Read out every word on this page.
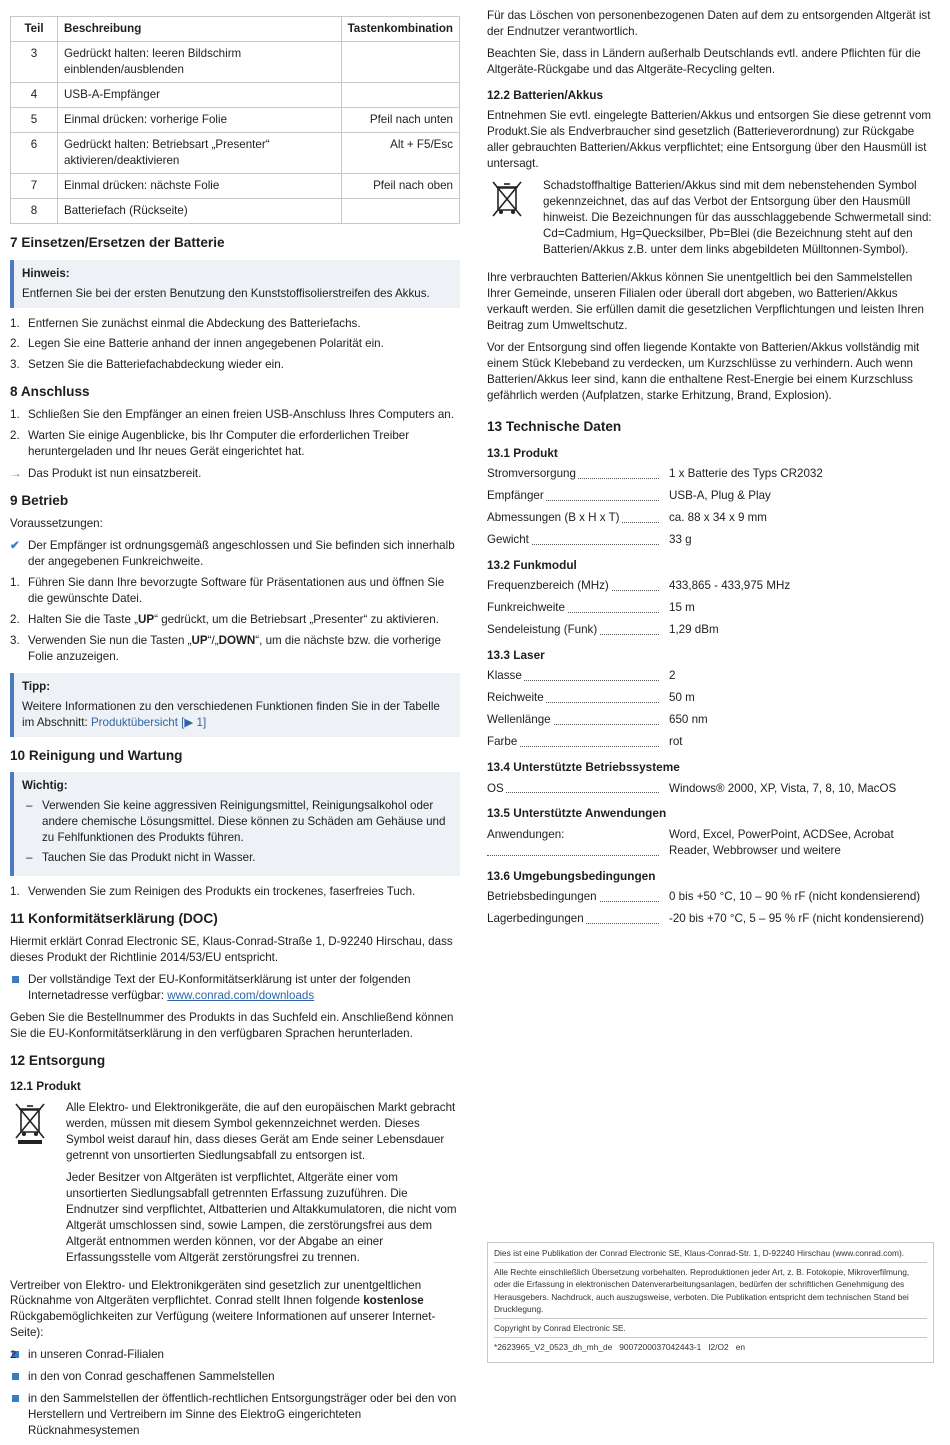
Teil	Beschreibung	Tastenkombination
3	Gedrückt halten: leeren Bildschirm einblenden/ausblenden	
4	USB-A-Empfänger	
5	Einmal drücken: vorherige Folie	Pfeil nach unten
6	Gedrückt halten: Betriebsart „Presenter“ aktivieren/deaktivieren	Alt + F5/Esc
7	Einmal drücken: nächste Folie	Pfeil nach oben
8	Batteriefach (Rückseite)	
7 Einsetzen/Ersetzen der Batterie
Hinweis:
Entfernen Sie bei der ersten Benutzung den Kunststoffisolierstreifen des Akkus.
1. Entfernen Sie zunächst einmal die Abdeckung des Batteriefachs.
2. Legen Sie eine Batterie anhand der innen angegebenen Polarität ein.
3. Setzen Sie die Batteriefachabdeckung wieder ein.
8 Anschluss
1. Schließen Sie den Empfänger an einen freien USB-Anschluss Ihres Computers an.
2. Warten Sie einige Augenblicke, bis Ihr Computer die erforderlichen Treiber heruntergeladen und Ihr neues Gerät eingerichtet hat.
→ Das Produkt ist nun einsatzbereit.
9 Betrieb

Voraussetzungen:

✔ Der Empfänger ist ordnungsgemäß angeschlossen und Sie befinden sich innerhalb der angegebenen Funkreichweite.
1. Führen Sie dann Ihre bevorzugte Software für Präsentationen aus und öffnen Sie die gewünschte Datei.
2. Halten Sie die Taste „UP“ gedrückt, um die Betriebsart „Presenter“ zu aktivieren.
3. Verwenden Sie nun die Tasten „UP“/„DOWN“, um die nächste bzw. die vorherige Folie anzuzeigen.
Tipp:
Weitere Informationen zu den verschiedenen Funktionen finden Sie in der Tabelle im Abschnitt: Produktübersicht [▶ 1]
10 Reinigung und Wartung
Wichtig:
– Verwenden Sie keine aggressiven Reinigungsmittel, Reinigungsalkohol oder andere chemische Lösungsmittel. Diese können zu Schäden am Gehäuse und zu Fehlfunktionen des Produkts führen.
– Tauchen Sie das Produkt nicht in Wasser.
1. Verwenden Sie zum Reinigen des Produkts ein trockenes, faserfreies Tuch.
11 Konformitätserklärung (DOC)

Hiermit erklärt Conrad Electronic SE, Klaus-Conrad-Straße 1, D-92240 Hirschau, dass dieses Produkt der Richtlinie 2014/53/EU entspricht.

Der vollständige Text der EU-Konformitätserklärung ist unter der folgenden Internetadresse verfügbar: www.conrad.com/downloads

Geben Sie die Bestellnummer des Produkts in das Suchfeld ein. Anschließend können Sie die EU-Konformitätserklärung in den verfügbaren Sprachen herunterladen.

12 Entsorgung
12.1 Produkt

Alle Elektro- und Elektronikgeräte, die auf den europäischen Markt gebracht werden, müssen mit diesem Symbol gekennzeichnet werden. Dieses Symbol weist darauf hin, dass dieses Gerät am Ende seiner Lebensdauer getrennt von unsortierten Siedlungsabfall zu entsorgen ist.

Jeder Besitzer von Altgeräten ist verpflichtet, Altgeräte einer vom unsortierten Siedlungsabfall getrennten Erfassung zuzuführen. Die Endnutzer sind verpflichtet, Altbatterien und Altakkumulatoren, die nicht vom Altgerät umschlossen sind, sowie Lampen, die zerstörungsfrei aus dem Altgerät entnommen werden können, vor der Abgabe an einer Erfassungsstelle vom Altgerät zerstörungsfrei zu trennen.

Vertreiber von Elektro- und Elektronikgeräten sind gesetzlich zur unentgeltlichen Rücknahme von Altgeräten verpflichtet. Conrad stellt Ihnen folgende kostenlose Rückgabemöglichkeiten zur Verfügung (weitere Informationen auf unserer Internet-Seite):

in unseren Conrad-Filialen
in den von Conrad geschaffenen Sammelstellen
in den Sammelstellen der öffentlich-rechtlichen Entsorgungsträger oder bei den von Herstellern und Vertreibern im Sinne des ElektroG eingerichteten Rücknahmesystemen

Für das Löschen von personenbezogenen Daten auf dem zu entsorgenden Altgerät ist der Endnutzer verantwortlich.

Beachten Sie, dass in Ländern außerhalb Deutschlands evtl. andere Pflichten für die Altgeräte-Rückgabe und das Altgeräte-Recycling gelten.

12.2 Batterien/Akkus

Entnehmen Sie evtl. eingelegte Batterien/Akkus und entsorgen Sie diese getrennt vom Produkt.Sie als Endverbraucher sind gesetzlich (Batterieverordnung) zur Rückgabe aller gebrauchten Batterien/Akkus verpflichtet; eine Entsorgung über den Hausmüll ist untersagt.

Schadstoffhaltige Batterien/Akkus sind mit dem nebenstehenden Symbol gekennzeichnet, das auf das Verbot der Entsorgung über den Hausmüll hinweist. Die Bezeichnungen für das ausschlaggebende Schwermetall sind: Cd=Cadmium, Hg=Quecksilber, Pb=Blei (die Bezeichnung steht auf den Batterien/Akkus z.B. unter dem links abgebildeten Mülltonnen-Symbol).

Ihre verbrauchten Batterien/Akkus können Sie unentgeltlich bei den Sammelstellen Ihrer Gemeinde, unseren Filialen oder überall dort abgeben, wo Batterien/Akkus verkauft werden. Sie erfüllen damit die gesetzlichen Verpflichtungen und leisten Ihren Beitrag zum Umweltschutz.

Vor der Entsorgung sind offen liegende Kontakte von Batterien/Akkus vollständig mit einem Stück Klebeband zu verdecken, um Kurzschlüsse zu verhindern. Auch wenn Batterien/Akkus leer sind, kann die enthaltene Rest-Energie bei einem Kurzschluss gefährlich werden (Aufplatzen, starke Erhitzung, Brand, Explosion).

13 Technische Daten
13.1 Produkt
Stromversorgung	1 x Batterie des Typs CR2032
Empfänger	USB-A, Plug & Play
Abmessungen (B x H x T)	ca. 88 x 34 x 9 mm
Gewicht	33 g
13.2 Funkmodul
Frequenzbereich (MHz)	433,865 - 433,975 MHz
Funkreichweite	15 m
Sendeleistung (Funk)	1,29 dBm
13.3 Laser
Klasse	2
Reichweite	50 m
Wellenlänge	650 nm
Farbe	rot
13.4 Unterstützte Betriebssysteme
OS	Windows® 2000, XP, Vista, 7, 8, 10, MacOS
13.5 Unterstützte Anwendungen
Anwendungen:	Word, Excel, PowerPoint, ACDSee, Acrobat Reader, Webbrowser und weitere
13.6 Umgebungsbedingungen
Betriebsbedingungen	0 bis +50 °C, 10 – 90 % rF (nicht kondensierend)
Lagerbedingungen	-20 bis +70 °C, 5 – 95 % rF (nicht kondensierend)

Dies ist eine Publikation der Conrad Electronic SE, Klaus-Conrad-Str. 1, D-92240 Hirschau (www.conrad.com).

Alle Rechte einschließlich Übersetzung vorbehalten. Reproduktionen jeder Art, z. B. Fotokopie, Mikroverfilmung, oder die Erfassung in elektronischen Datenverarbeitungsanlagen, bedürfen der schriftlichen Genehmigung des Herausgebers. Nachdruck, auch auszugsweise, verboten. Die Publikation entspricht dem technischen Stand bei Drucklegung.

Copyright by Conrad Electronic SE.

*2623965_V2_0523_dh_mh_de   9007200037042443-1   I2/O2   en

2
